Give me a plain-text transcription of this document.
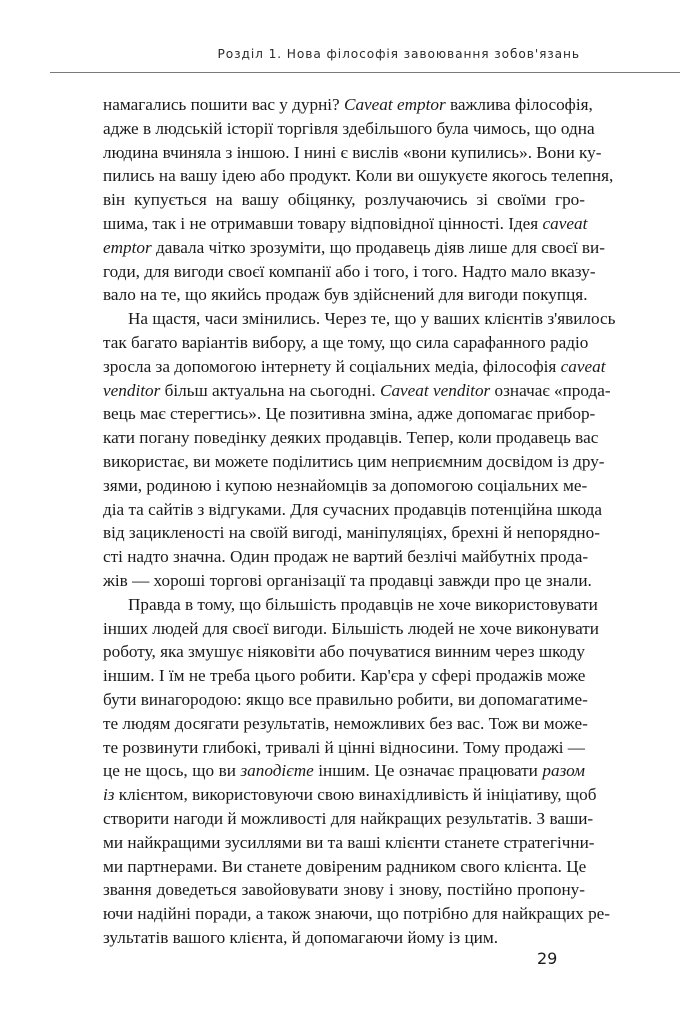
Розділ 1. Нова філософія завоювання зобов'язань
намагались пошити вас у дурні? Caveat emptor важлива філософія,
адже в людській історії торгівля здебільшого була чимось, що одна
людина вчиняла з іншою. І нині є вислів «вони купились». Вони ку-
пились на вашу ідею або продукт. Коли ви ошукуєте якогось телепня,
він купується на вашу обіцянку, розлучаючись зі своїми гро-
шима, так і не отримавши товару відповідної цінності. Ідея caveat
emptor давала чітко зрозуміти, що продавець діяв лише для своєї ви-
годи, для вигоди своєї компанії або і того, і того. Надто мало вказу-
вало на те, що якийсь продаж був здійснений для вигоди покупця.
На щастя, часи змінились. Через те, що у ваших клієнтів з'явилось
так багато варіантів вибору, а ще тому, що сила сарафанного радіо
зросла за допомогою інтернету й соціальних медіа, філософія caveat
venditor більш актуальна на сьогодні. Caveat venditor означає «прода-
вець має стерегтись». Це позитивна зміна, адже допомагає прибор-
кати погану поведінку деяких продавців. Тепер, коли продавець вас
використає, ви можете поділитись цим неприємним досвідом із дру-
зями, родиною і купою незнайомців за допомогою соціальних ме-
діа та сайтів з відгуками. Для сучасних продавців потенційна шкода
від зацикленості на своїй вигоді, маніпуляціях, брехні й непорядно-
сті надто значна. Один продаж не вартий безлічі майбутніх прода-
жів — хороші торгові організації та продавці завжди про це знали.
Правда в тому, що більшість продавців не хоче використовувати
інших людей для своєї вигоди. Більшість людей не хоче виконувати
роботу, яка змушує ніяковіти або почуватися винним через шкоду
іншим. І їм не треба цього робити. Кар'єра у сфері продажів може
бути винагородою: якщо все правильно робити, ви допомагатиме-
те людям досягати результатів, неможливих без вас. Тож ви може-
те розвинути глибокі, тривалі й цінні відносини. Тому продажі —
це не щось, що ви заподієте іншим. Це означає працювати разом
із клієнтом, використовуючи свою винахідливість й ініціативу, щоб
створити нагоди й можливості для найкращих результатів. З ваши-
ми найкращими зусиллями ви та ваші клієнти станете стратегічни-
ми партнерами. Ви станете довіреним радником свого клієнта. Це
звання доведеться завойовувати знову і знову, постійно пропону-
ючи надійні поради, а також знаючи, що потрібно для найкращих ре-
зультатів вашого клієнта, й допомагаючи йому із цим.
29
